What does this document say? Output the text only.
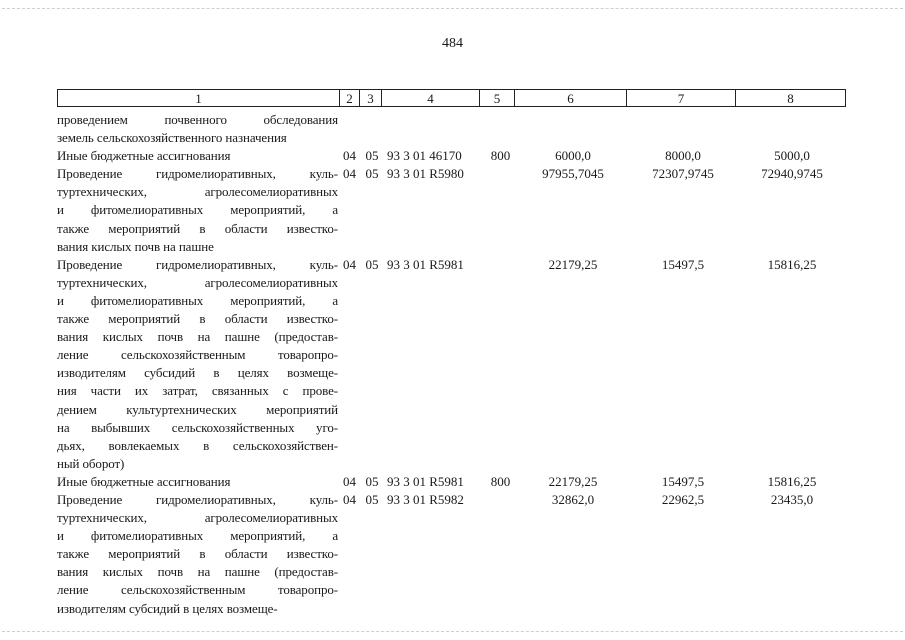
484
1	2	3	4	5	6	7	8
проведением почвенного обследования
земель сельскохозяйственного назначения
Иные бюджетные ассигнования	04 05 93 3 01 46170	800	6000,0	8000,0	5000,0
Проведение гидромелиоративных, куль-
туртехнических, агролесомелиоративных
и фитомелиоративных мероприятий, а
также мероприятий в области известко-
вания кислых почв на пашне
04 05 93 3 01 R5980	97955,7045	72307,9745	72940,9745
Проведение гидромелиоративных, куль-
туртехнических, агролесомелиоративных
и фитомелиоративных мероприятий, а
также мероприятий в области известко-
вания кислых почв на пашне (предостав-
ление сельскохозяйственным товаропро-
изводителям субсидий в целях возмеще-
ния части их затрат, связанных с прове-
дением культуртехнических мероприятий
на выбывших сельскохозяйственных уго-
дьях, вовлекаемых в сельскохозяйствен-
ный оборот)
04 05 93 3 01 R5981	22179,25	15497,5	15816,25
Иные бюджетные ассигнования	04 05 93 3 01 R5981	800	22179,25	15497,5	15816,25
Проведение гидромелиоративных, куль-
туртехнических, агролесомелиоративных
и фитомелиоративных мероприятий, а
также мероприятий в области известко-
вания кислых почв на пашне (предостав-
ление сельскохозяйственным товаропро-
изводителям субсидий в целях возмеще-
04 05 93 3 01 R5982	32862,0	22962,5	23435,0
